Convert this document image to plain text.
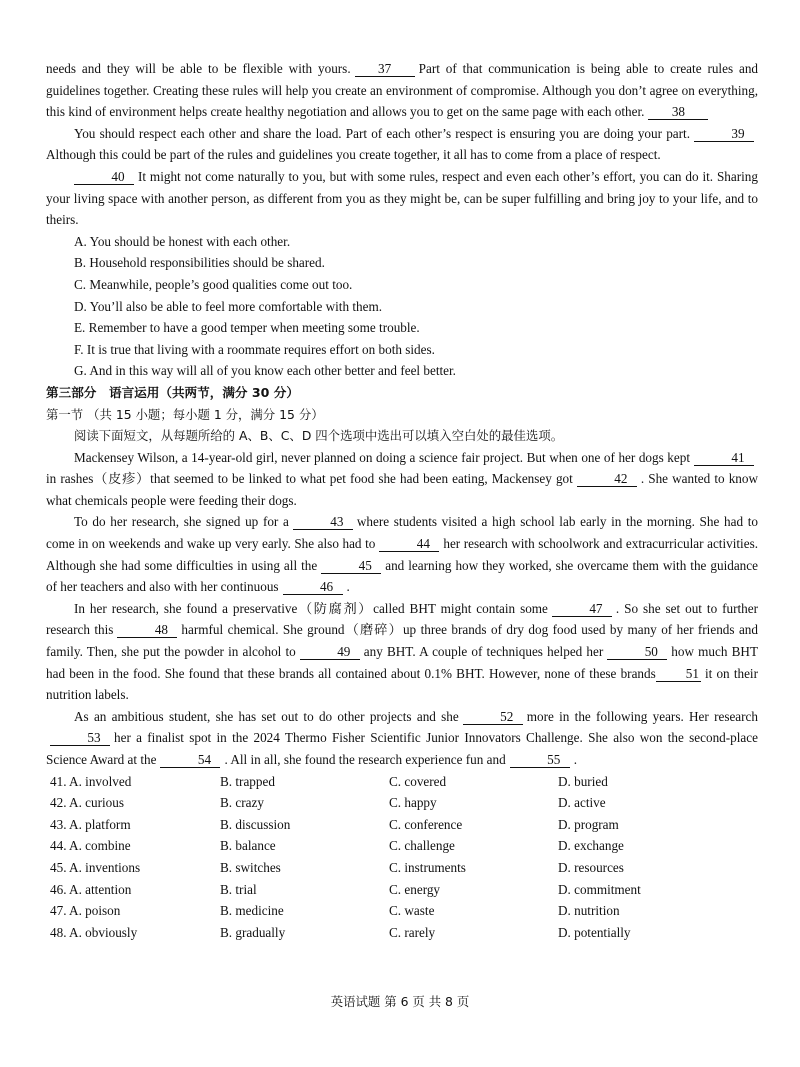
needs and they will be able to be flexible with yours. 37 Part of that communication is being able to create rules and guidelines together. Creating these rules will help you create an environment of compromise. Although you don’t agree on everything, this kind of environment helps create healthy negotiation and allows you to get on the same page with each other. 38

You should respect each other and share the load. Part of each other’s respect is ensuring you are doing your part.	39Although this could be part of the rules and guidelines you create together, it all has to come from a place of respect.

40 It might not come naturally to you, but with some rules, respect and even each other’s effort, you can do it. Sharing your living space with another person, as different from you as they might be, can be super fulfilling and bring joy to your life, and to theirs.

A. You should be honest with each other.

B. Household responsibilities should be shared.

C. Meanwhile, people’s good qualities come out too.

D. You’ll also be able to feel more comfortable with them.

E. Remember to have a good temper when meeting some trouble.

F. It is true that living with a roommate requires effort on both sides.

G. And in this way will all of you know each other better and feel better.

第三部分　语言运用（共两节，满分 30 分）

第一节 （共 15 小题；每小题 1 分，满分 15 分）

阅读下面短文，从每题所给的 A、B、C、D 四个选项中选出可以填入空白处的最佳选项。

Mackensey Wilson, a 14-year-old girl, never planned on doing a science fair project. But when one of her dogs kept	41in rashes（皮疹）that seemed to be linked to what pet food she had been eating, Mackensey got	42 . She wanted to know what chemicals people were feeding their dogs.

To do her research, she signed up for a	43 where students visited a high school lab early in the morning. She had to come in on weekends and wake up very early. She also had to	44 her research with schoolwork and extracurricular activities. Although she had some difficulties in using all the	45 and learning how they worked, she overcame them with the guidance of her teachers and also with her continuous	46 .

In her research, she found a preservative（防腐剂）called BHT might contain some	47 . So she set out to further research this	48 harmful chemical. She ground（磨碎）up three brands of dry dog food used by many of her friends and family. Then, she put the powder in alcohol to	49 any BHT. A couple of techniques helped her	50 how much BHT had been in the food. She found that these brands all contained about 0.1% BHT. However, none of these brands 51 it on their nutrition labels.

As an ambitious student, she has set out to do other projects and she	52 more in the following years. Her research53 her a finalist spot in the 2024 Thermo Fisher Scientific Junior Innovators Challenge. She also won the second-place Science Award at the	54 . All in all, she found the research experience fun and	55 .

41. A. involved	B. trapped	C. covered	D. buried
42. A. curious	B. crazy	C. happy	D. active
43. A. platform	B. discussion	C. conference	D. program
44. A. combine	B. balance	C. challenge	D. exchange
45. A. inventions	B. switches	C. instruments	D. resources
46. A. attention	B. trial	C. energy	D. commitment
47. A. poison	B. medicine	C. waste	D. nutrition
48. A. obviously	B. gradually	C. rarely	D. potentially
英语试题 第 6 页 共 8 页
